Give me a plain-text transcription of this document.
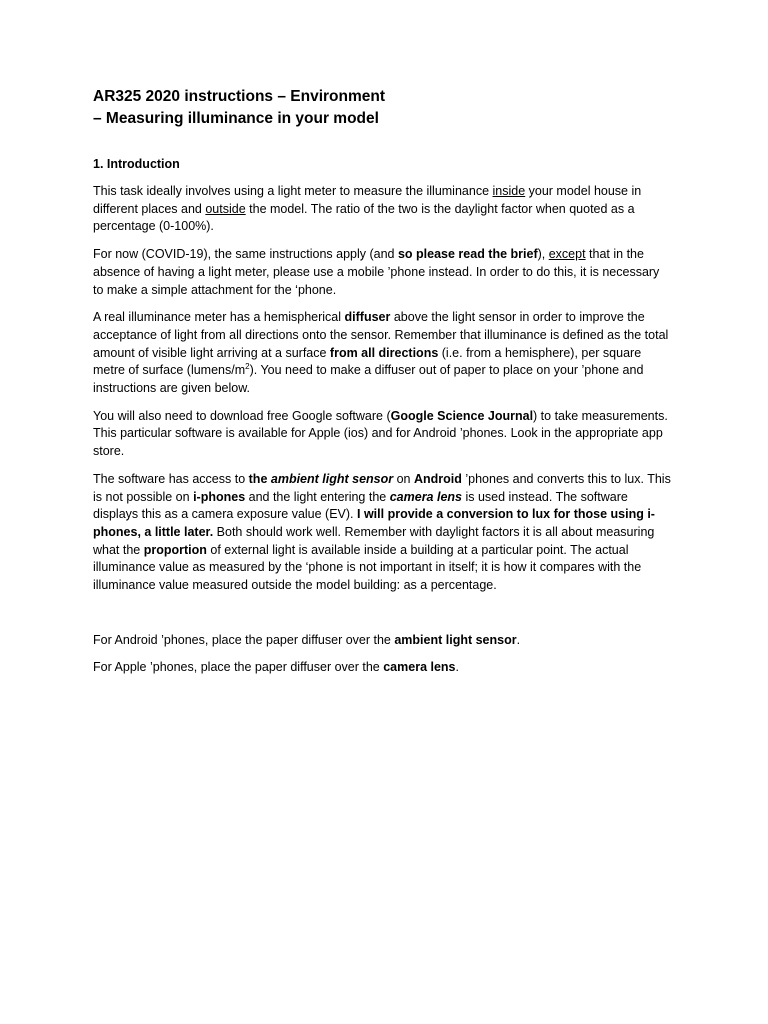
AR325 2020 instructions – Environment
– Measuring illuminance in your model
1. Introduction

This task ideally involves using a light meter to measure the illuminance inside your model house in different places and outside the model. The ratio of the two is the daylight factor when quoted as a percentage (0-100%).

For now (COVID-19), the same instructions apply (and so please read the brief), except that in the absence of having a light meter, please use a mobile ’phone instead. In order to do this, it is necessary to make a simple attachment for the ‘phone.

A real illuminance meter has a hemispherical diffuser above the light sensor in order to improve the acceptance of light from all directions onto the sensor. Remember that illuminance is defined as the total amount of visible light arriving at a surface from all directions (i.e. from a hemisphere), per square metre of surface $(lumens/m^2)$. You need to make a diffuser out of paper to place on your ’phone and instructions are given below.

You will also need to download free Google software (Google Science Journal) to take measurements. This particular software is available for Apple (ios) and for Android ’phones. Look in the appropriate app store.

The software has access to the ambient light sensor on Android ’phones and converts this to lux. This is not possible on i-phones and the light entering the camera lens is used instead. The software displays this as a camera exposure value (EV). I will provide a conversion to lux for those using i-phones, a little later. Both should work well. Remember with daylight factors it is all about measuring what the proportion of external light is available inside a building at a particular point. The actual illuminance value as measured by the ‘phone is not important in itself; it is how it compares with the illuminance value measured outside the model building: as a percentage.

For Android ’phones, place the paper diffuser over the ambient light sensor.

For Apple ’phones, place the paper diffuser over the camera lens.
